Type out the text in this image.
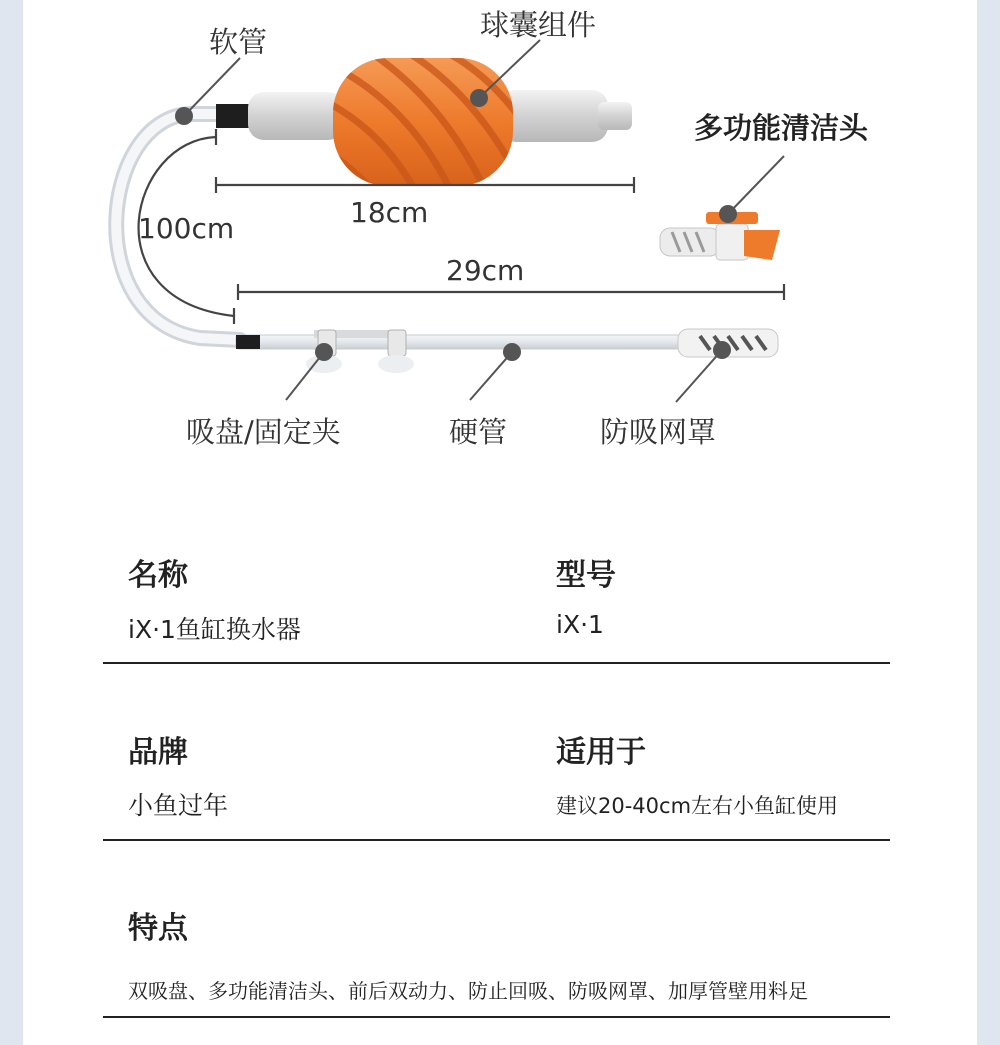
软管	球囊组件
多功能清洁头
吸盘/固定夹	硬管	防吸网罩
100cm	18cm
29cm
名称
iX·1鱼缸换水器
型号
iX·1
品牌
小鱼过年
适用于
建议20-40cm左右小鱼缸使用
特点
双吸盘、多功能清洁头、前后双动力、防止回吸、防吸网罩、加厚管壁用料足
